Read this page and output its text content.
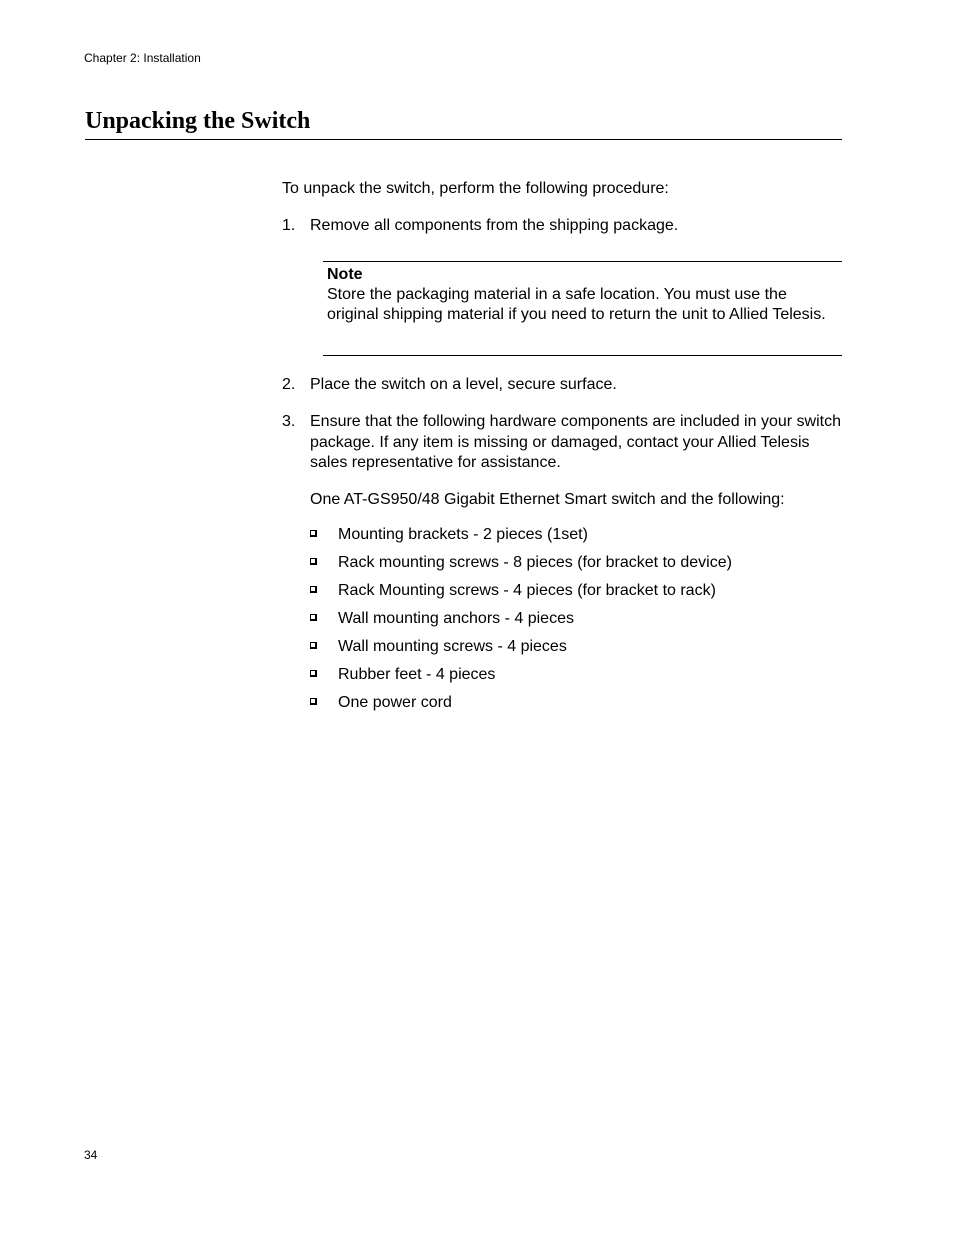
Chapter 2: Installation
Unpacking the Switch
To unpack the switch, perform the following procedure:
1. Remove all components from the shipping package.
Note
Store the packaging material in a safe location. You must use the original shipping material if you need to return the unit to Allied Telesis.
2. Place the switch on a level, secure surface.
3. Ensure that the following hardware components are included in your switch package. If any item is missing or damaged, contact your Allied Telesis sales representative for assistance.
One AT-GS950/48 Gigabit Ethernet Smart switch and the following:
Mounting brackets - 2 pieces (1set)
Rack mounting screws - 8 pieces (for bracket to device)
Rack Mounting screws - 4 pieces (for bracket to rack)
Wall mounting anchors - 4 pieces
Wall mounting screws - 4 pieces
Rubber feet - 4 pieces
One power cord
34
